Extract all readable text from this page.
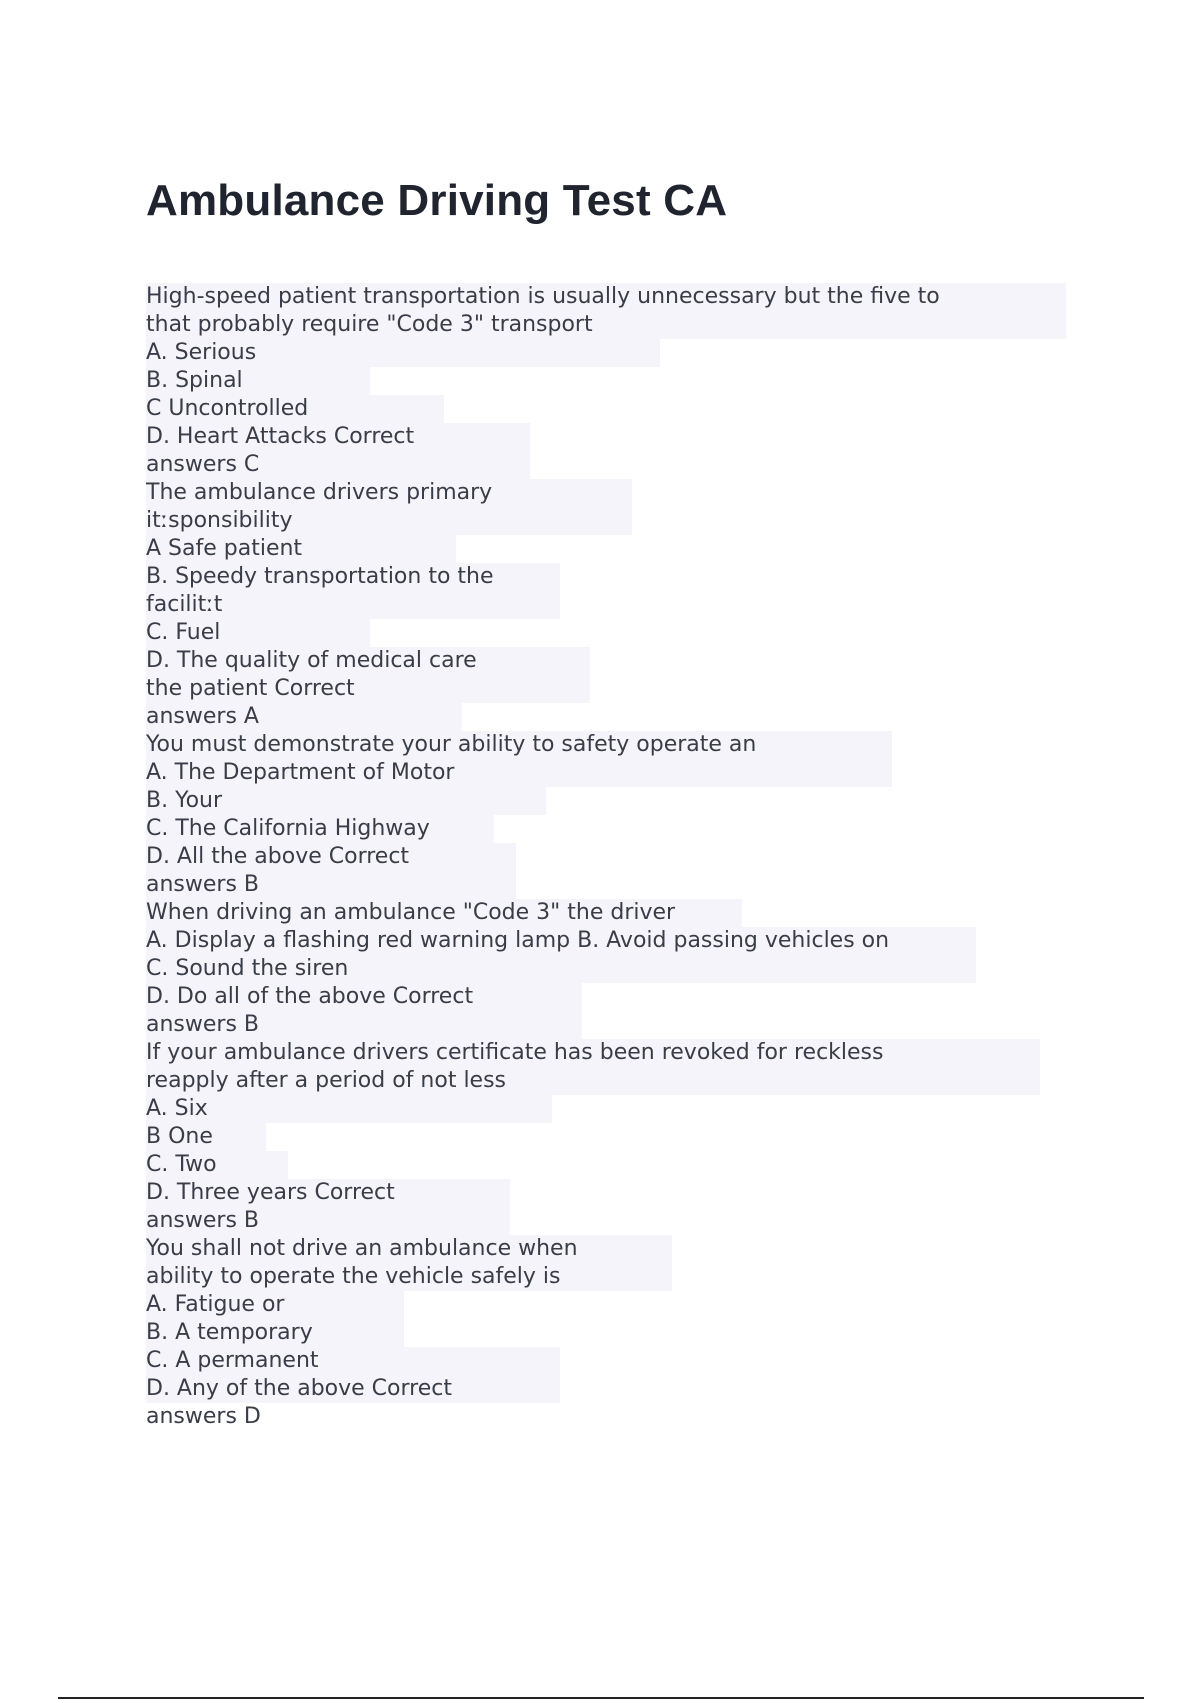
Ambulance Driving Test CA
High-speed patient transportation is usually unnecessary but the five to
that probably require "Code 3" transport
A. Serious
B. Spinal
C Uncontrolled
D. Heart Attacks Correct
answers C
The ambulance drivers primary
itːsponsibility
A Safe patient
B. Speedy transportation to the
facilitːt
C. Fuel
D. The quality of medical care
the patient Correct
answers A
You must demonstrate your ability to safety operate an
A. The Department of Motor
B. Your
C. The California Highway
D. All the above Correct
answers B
When driving an ambulance "Code 3" the driver
A. Display a flashing red warning lamp B. Avoid passing vehicles on
C. Sound the siren
D. Do all of the above Correct
answers B
If your ambulance drivers certificate has been revoked for reckless
reapply after a period of not less
A. Six
B One
C. Two
D. Three years Correct
answers B
You shall not drive an ambulance when
ability to operate the vehicle safely is
A. Fatigue or
B. A temporary
C. A permanent
D. Any of the above Correct
answers D
